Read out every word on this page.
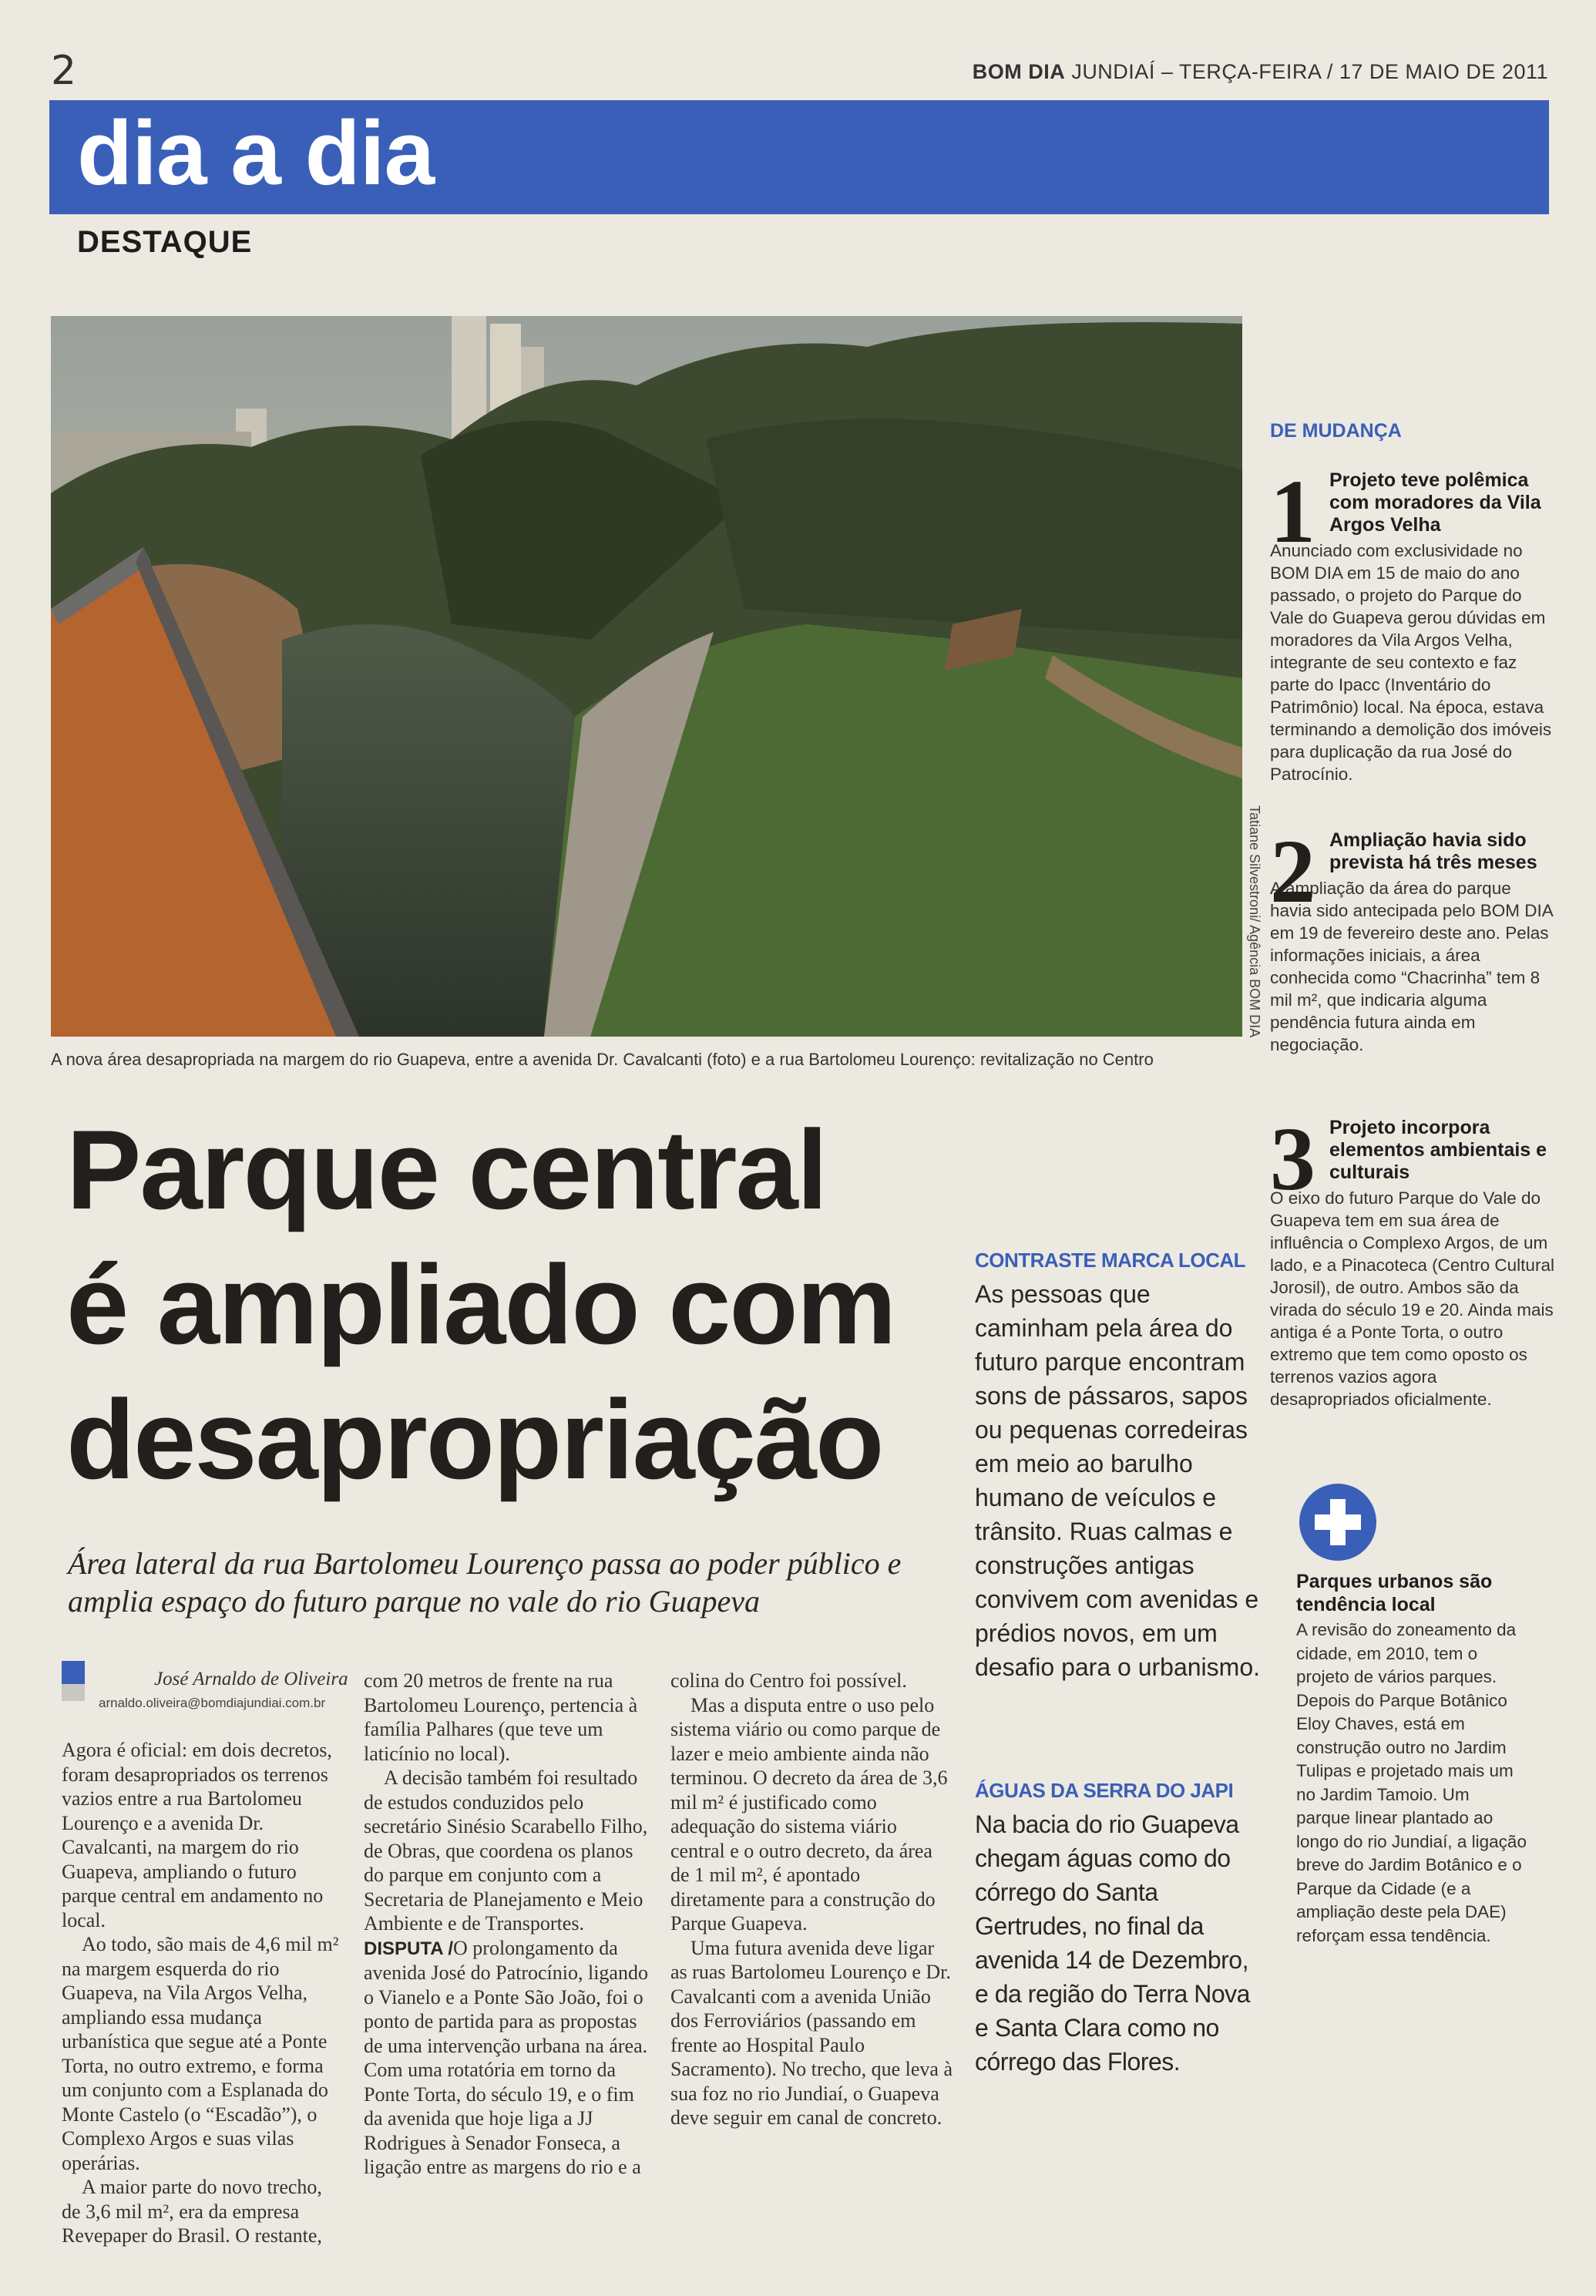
2	BOM DIA JUNDIAÍ – TERÇA-FEIRA / 17 DE MAIO DE 2011
dia a dia
DESTAQUE
Tatiane Silvestroni/ Agência BOM DIA
A nova área desapropriada na margem do rio Guapeva, entre a avenida Dr. Cavalcanti (foto) e a rua Bartolomeu Lourenço: revitalização no Centro
Parque central
é ampliado com
desapropriação
Área lateral da rua Bartolomeu Lourenço passa ao poder público e amplia espaço do futuro parque no vale do rio Guapeva
José Arnaldo de Oliveira
arnaldo.oliveira@bomdiajundiai.com.br

Agora é oficial: em dois decretos, foram desapropriados os terrenos vazios entre a rua Bartolomeu Lourenço e a avenida Dr. Cavalcanti, na margem do rio Guapeva, ampliando o futuro parque central em andamento no local.

Ao todo, são mais de 4,6 mil m² na margem esquerda do rio Guapeva, na Vila Argos Velha, ampliando essa mudança urbanística que segue até a Ponte Torta, no outro extremo, e forma um conjunto com a Esplanada do Monte Castelo (o “Escadão”), o Complexo Argos e suas vilas operárias.

A maior parte do novo trecho, de 3,6 mil m², era da empresa Revepaper do Brasil. O restante,

com 20 metros de frente na rua Bartolomeu Lourenço, pertencia à família Palhares (que teve um laticínio no local).

A decisão também foi resultado de estudos conduzidos pelo secretário Sinésio Scarabello Filho, de Obras, que coordena os planos do parque em conjunto com a Secretaria de Planejamento e Meio Ambiente e de Transportes.

DISPUTA /O prolongamento da avenida José do Patrocínio, ligando o Vianelo e a Ponte São João, foi o ponto de partida para as propostas de uma intervenção urbana na área. Com uma rotatória em torno da Ponte Torta, do século 19, e o fim da avenida que hoje liga a JJ Rodrigues à Senador Fonseca, a ligação entre as margens do rio e a

colina do Centro foi possível.

Mas a disputa entre o uso pelo sistema viário ou como parque de lazer e meio ambiente ainda não terminou. O decreto da área de 3,6 mil m² é justificado como adequação do sistema viário central e o outro decreto, da área de 1 mil m², é apontado diretamente para a construção do Parque Guapeva.

Uma futura avenida deve ligar as ruas Bartolomeu Lourenço e Dr. Cavalcanti com a avenida União dos Ferroviários (passando em frente ao Hospital Paulo Sacramento). No trecho, que leva à sua foz no rio Jundiaí, o Guapeva deve seguir em canal de concreto.

CONTRASTE MARCA LOCAL
As pessoas que caminham pela área do futuro parque encontram sons de pássaros, sapos ou pequenas corredeiras em meio ao barulho humano de veículos e trânsito. Ruas calmas e construções antigas convivem com avenidas e prédios novos, em um desafio para o urbanismo.
ÁGUAS DA SERRA DO JAPI
Na bacia do rio Guapeva chegam águas como do córrego do Santa Gertrudes, no final da avenida 14 de Dezembro, e da região do Terra Nova e Santa Clara como no córrego das Flores.
DE MUDANÇA
1 Projeto teve polêmica com moradores da Vila Argos Velha
Anunciado com exclusividade no BOM DIA em 15 de maio do ano passado, o projeto do Parque do Vale do Guapeva gerou dúvidas em moradores da Vila Argos Velha, integrante de seu contexto e faz parte do Ipacc (Inventário do Patrimônio) local. Na época, estava terminando a demolição dos imóveis para duplicação da rua José do Patrocínio.
2 Ampliação havia sido prevista há três meses
A ampliação da área do parque havia sido antecipada pelo BOM DIA em 19 de fevereiro deste ano. Pelas informações iniciais, a área conhecida como “Chacrinha” tem 8 mil m², que indicaria alguma pendência futura ainda em negociação.
3 Projeto incorpora elementos ambientais e culturais
O eixo do futuro Parque do Vale do Guapeva tem em sua área de influência o Complexo Argos, de um lado, e a Pinacoteca (Centro Cultural Jorosil), de outro. Ambos são da virada do século 19 e 20. Ainda mais antiga é a Ponte Torta, o outro extremo que tem como oposto os terrenos vazios agora desapropriados oficialmente.
Parques urbanos são tendência local
A revisão do zoneamento da cidade, em 2010, tem o projeto de vários parques. Depois do Parque Botânico Eloy Chaves, está em construção outro no Jardim Tulipas e projetado mais um no Jardim Tamoio. Um parque linear plantado ao longo do rio Jundiaí, a ligação breve do Jardim Botânico e o Parque da Cidade (e a ampliação deste pela DAE) reforçam essa tendência.
